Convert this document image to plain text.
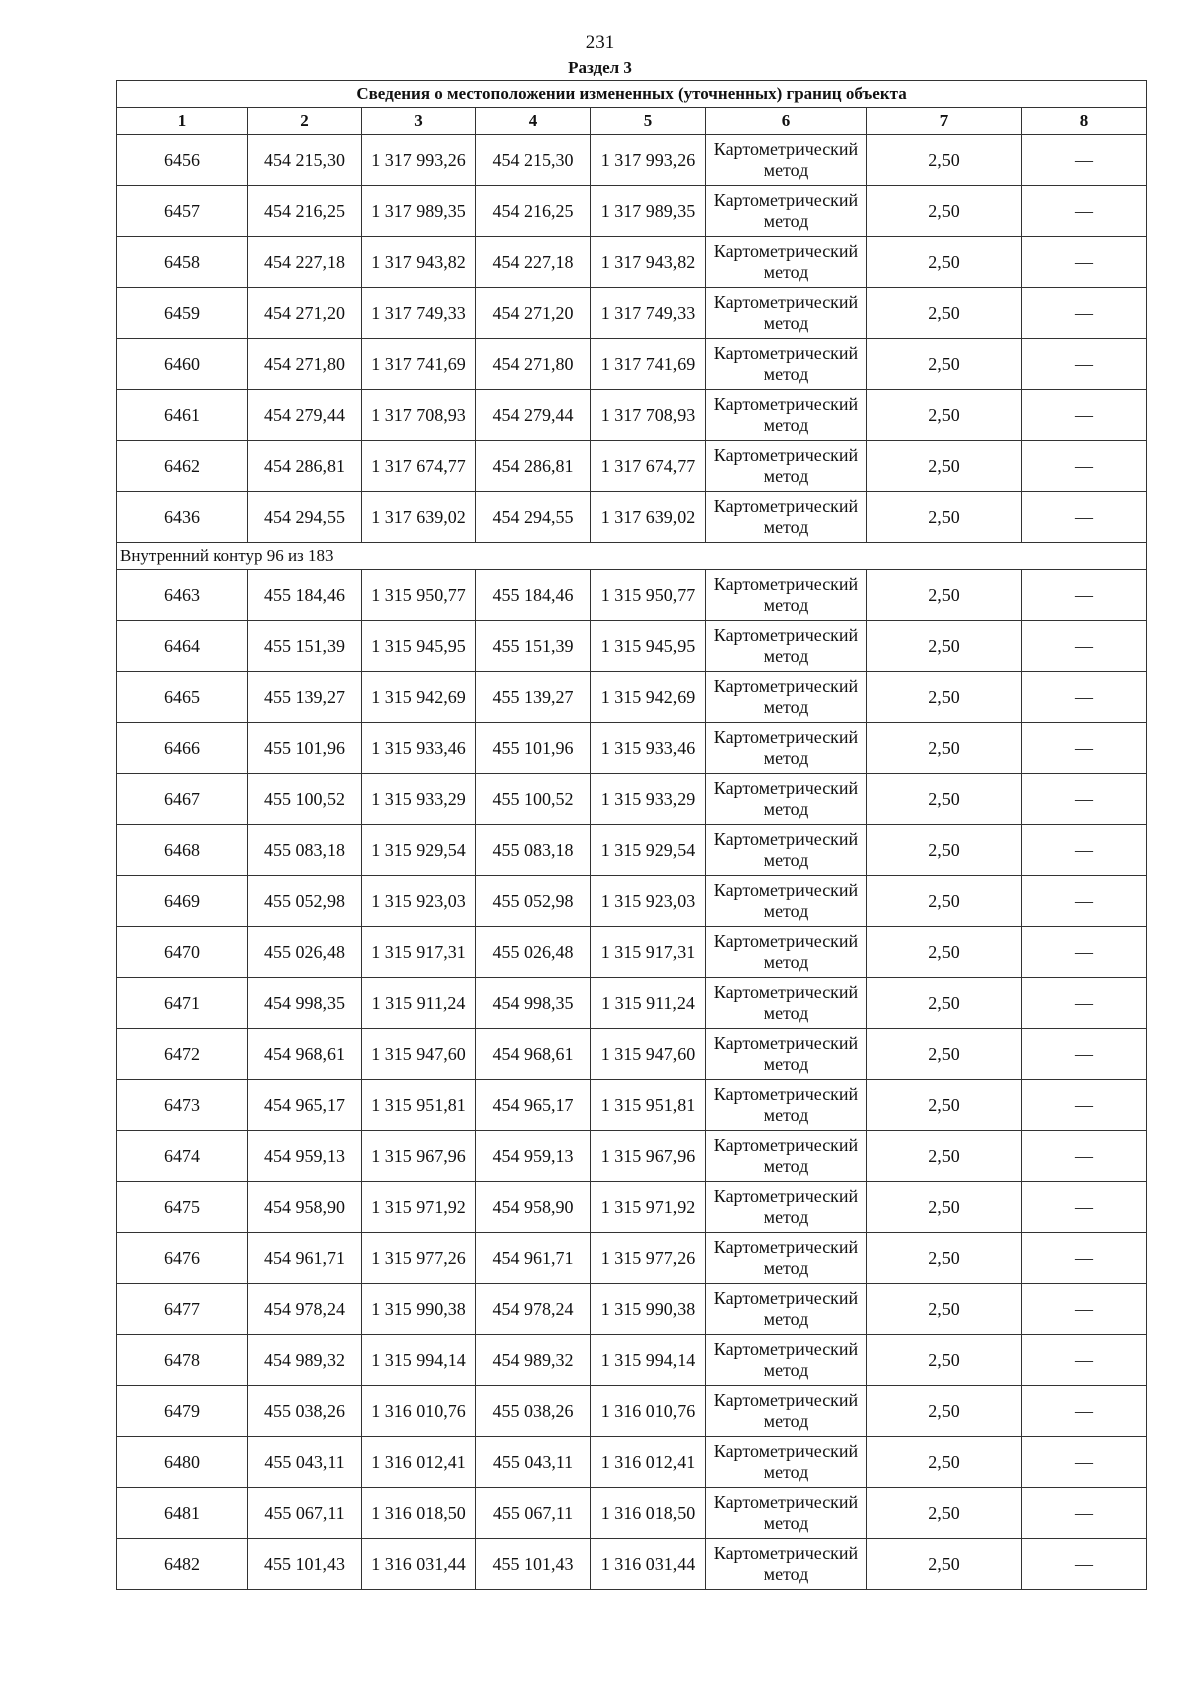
231
Раздел 3
Сведения о местоположении измененных (уточненных) границ объекта							
1	2	3	4	5	6	7	8
6456	454 215,30	1 317 993,26	454 215,30	1 317 993,26	Картометрический метод	2,50	—
6457	454 216,25	1 317 989,35	454 216,25	1 317 989,35	Картометрический метод	2,50	—
6458	454 227,18	1 317 943,82	454 227,18	1 317 943,82	Картометрический метод	2,50	—
6459	454 271,20	1 317 749,33	454 271,20	1 317 749,33	Картометрический метод	2,50	—
6460	454 271,80	1 317 741,69	454 271,80	1 317 741,69	Картометрический метод	2,50	—
6461	454 279,44	1 317 708,93	454 279,44	1 317 708,93	Картометрический метод	2,50	—
6462	454 286,81	1 317 674,77	454 286,81	1 317 674,77	Картометрический метод	2,50	—
6436	454 294,55	1 317 639,02	454 294,55	1 317 639,02	Картометрический метод	2,50	—
Внутренний контур 96 из 183							
6463	455 184,46	1 315 950,77	455 184,46	1 315 950,77	Картометрический метод	2,50	—
6464	455 151,39	1 315 945,95	455 151,39	1 315 945,95	Картометрический метод	2,50	—
6465	455 139,27	1 315 942,69	455 139,27	1 315 942,69	Картометрический метод	2,50	—
6466	455 101,96	1 315 933,46	455 101,96	1 315 933,46	Картометрический метод	2,50	—
6467	455 100,52	1 315 933,29	455 100,52	1 315 933,29	Картометрический метод	2,50	—
6468	455 083,18	1 315 929,54	455 083,18	1 315 929,54	Картометрический метод	2,50	—
6469	455 052,98	1 315 923,03	455 052,98	1 315 923,03	Картометрический метод	2,50	—
6470	455 026,48	1 315 917,31	455 026,48	1 315 917,31	Картометрический метод	2,50	—
6471	454 998,35	1 315 911,24	454 998,35	1 315 911,24	Картометрический метод	2,50	—
6472	454 968,61	1 315 947,60	454 968,61	1 315 947,60	Картометрический метод	2,50	—
6473	454 965,17	1 315 951,81	454 965,17	1 315 951,81	Картометрический метод	2,50	—
6474	454 959,13	1 315 967,96	454 959,13	1 315 967,96	Картометрический метод	2,50	—
6475	454 958,90	1 315 971,92	454 958,90	1 315 971,92	Картометрический метод	2,50	—
6476	454 961,71	1 315 977,26	454 961,71	1 315 977,26	Картометрический метод	2,50	—
6477	454 978,24	1 315 990,38	454 978,24	1 315 990,38	Картометрический метод	2,50	—
6478	454 989,32	1 315 994,14	454 989,32	1 315 994,14	Картометрический метод	2,50	—
6479	455 038,26	1 316 010,76	455 038,26	1 316 010,76	Картометрический метод	2,50	—
6480	455 043,11	1 316 012,41	455 043,11	1 316 012,41	Картометрический метод	2,50	—
6481	455 067,11	1 316 018,50	455 067,11	1 316 018,50	Картометрический метод	2,50	—
6482	455 101,43	1 316 031,44	455 101,43	1 316 031,44	Картометрический метод	2,50	—
